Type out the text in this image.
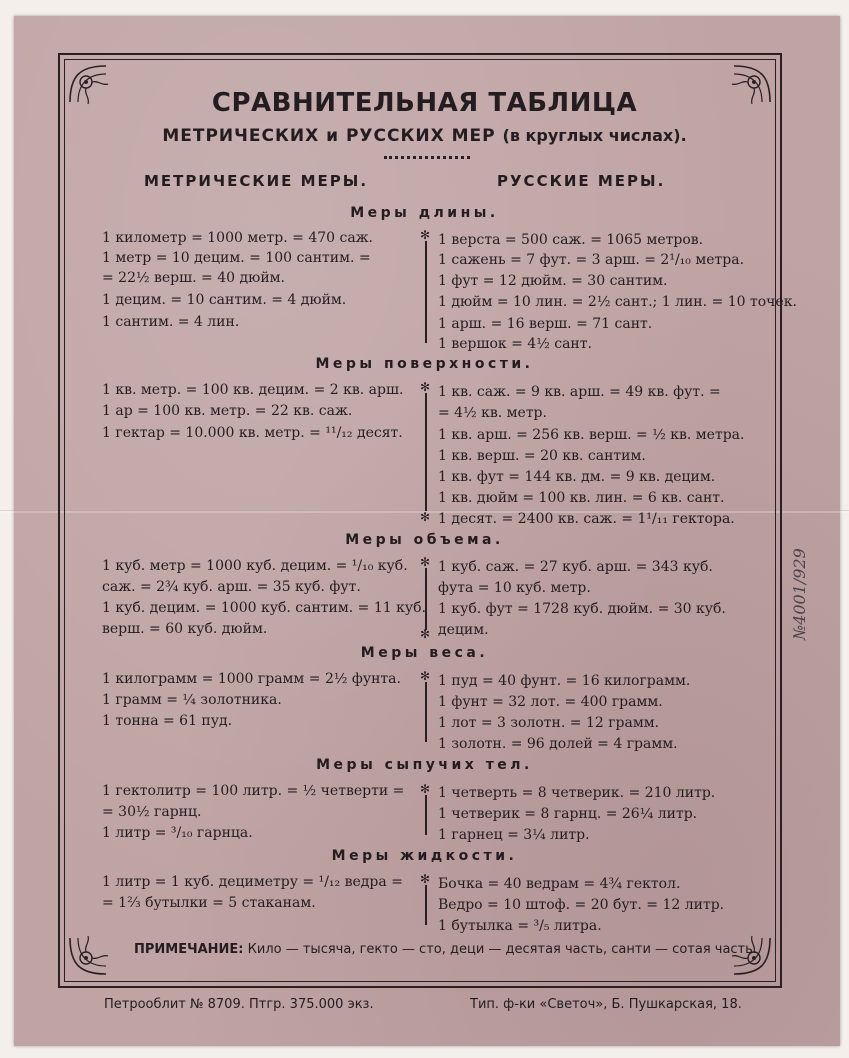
СРАВНИТЕЛЬНАЯ ТАБЛИЦА
МЕТРИЧЕСКИХ и РУССКИХ МЕР (в круглых числах).
МЕТРИЧЕСКИЕ МЕРЫ.	РУССКИЕ МЕРЫ.
Меры длины.
1 километр = 1000 метр. = 470 саж.
1 метр = 10 децим. = 100 сантим. =
= 22½ верш. = 40 дюйм.
1 децим. = 10 сантим. = 4 дюйм.
1 сантим. = 4 лин.
1 верста = 500 саж. = 1065 метров.
1 сажень = 7 фут. = 3 арш. = 2¹/₁₀ метра.
1 фут = 12 дюйм. = 30 сантим.
1 дюйм = 10 лин. = 2½ сант.; 1 лин. = 10 точек.
1 арш. = 16 верш. = 71 сант.
1 вершок = 4½ сант.
✻
Меры поверхности.
1 кв. метр. = 100 кв. децим. = 2 кв. арш.
1 ар = 100 кв. метр. = 22 кв. саж.
1 гектар = 10.000 кв. метр. = ¹¹/₁₂ десят.
1 кв. саж. = 9 кв. арш. = 49 кв. фут. =
= 4½ кв. метр.
1 кв. арш. = 256 кв. верш. = ½ кв. метра.
1 кв. верш. = 20 кв. сантим.
1 кв. фут = 144 кв. дм. = 9 кв. децим.
1 кв. дюйм = 100 кв. лин. = 6 кв. сант.
1 десят. = 2400 кв. саж. = 1¹/₁₁ гектора.
✻
✻
Меры объема.
1 куб. метр = 1000 куб. децим. = ¹/₁₀ куб.
саж. = 2¾ куб. арш. = 35 куб. фут.
1 куб. децим. = 1000 куб. сантим. = 11 куб.
верш. = 60 куб. дюйм.
1 куб. саж. = 27 куб. арш. = 343 куб.
фута = 10 куб. метр.
1 куб. фут = 1728 куб. дюйм. = 30 куб.
децим.
✻
✻
Меры веса.
1 килограмм = 1000 грамм = 2½ фунта.
1 грамм = ¼ золотника.
1 тонна = 61 пуд.
1 пуд = 40 фунт. = 16 килограмм.
1 фунт = 32 лот. = 400 грамм.
1 лот = 3 золотн. = 12 грамм.
1 золотн. = 96 долей = 4 грамм.
✻
Меры сыпучих тел.
1 гектолитр = 100 литр. = ½ четверти =
= 30½ гарнц.
1 литр = ³/₁₀ гарнца.
1 четверть = 8 четверик. = 210 литр.
1 четверик = 8 гарнц. = 26¼ литр.
1 гарнец = 3¼ литр.
✻
Меры жидкости.
1 литр = 1 куб. дециметру = ¹/₁₂ ведра =
= 1⅔ бутылки = 5 стаканам.
Бочка = 40 ведрам = 4¾ гектол.
Ведро = 10 штоф. = 20 бут. = 12 литр.
1 бутылка = ³/₅ литра.
✻
ПРИМЕЧАНИЕ: Кило — тысяча, гекто — сто, деци — десятая часть, санти — сотая часть.
Петрооблит № 8709. Птгр. 375.000 экз.	Тип. ф-ки «Светоч», Б. Пушкарская, 18.
№4001/929
